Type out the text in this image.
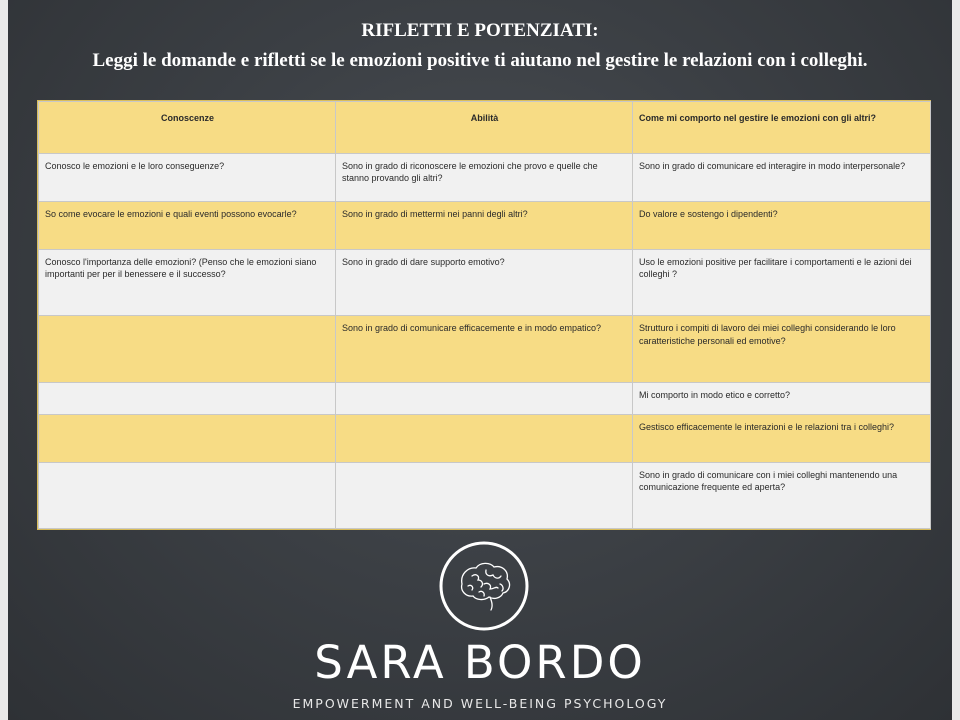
RIFLETTI E POTENZIATI:
Leggi le domande e rifletti se le emozioni positive ti aiutano nel gestire le relazioni con i colleghi.
Conoscenze	Abilità	Come mi comporto nel gestire le emozioni con gli altri?
Conosco le emozioni e le loro conseguenze?	Sono in grado di riconoscere le emozioni che provo e quelle che stanno provando gli altri?	Sono in grado di comunicare ed interagire in modo interpersonale?
So come evocare le emozioni e quali eventi possono evocarle?	Sono in grado di mettermi nei panni degli altri?	Do valore e sostengo i dipendenti?
Conosco l'importanza delle emozioni? (Penso che le emozioni siano importanti per per il benessere e il successo?	Sono in grado di dare supporto emotivo?	Uso le emozioni positive per facilitare i comportamenti e le azioni dei colleghi ?
	Sono in grado di comunicare efficacemente e in modo empatico?	Strutturo i compiti di lavoro dei miei colleghi considerando le loro caratteristiche personali ed emotive?
		Mi comporto in modo etico e corretto?
		Gestisco efficacemente le interazioni e le relazioni tra i colleghi?
		Sono in grado di comunicare con i miei colleghi mantenendo una comunicazione frequente ed aperta?
SARA BORDO
EMPOWERMENT AND WELL-BEING PSYCHOLOGY
